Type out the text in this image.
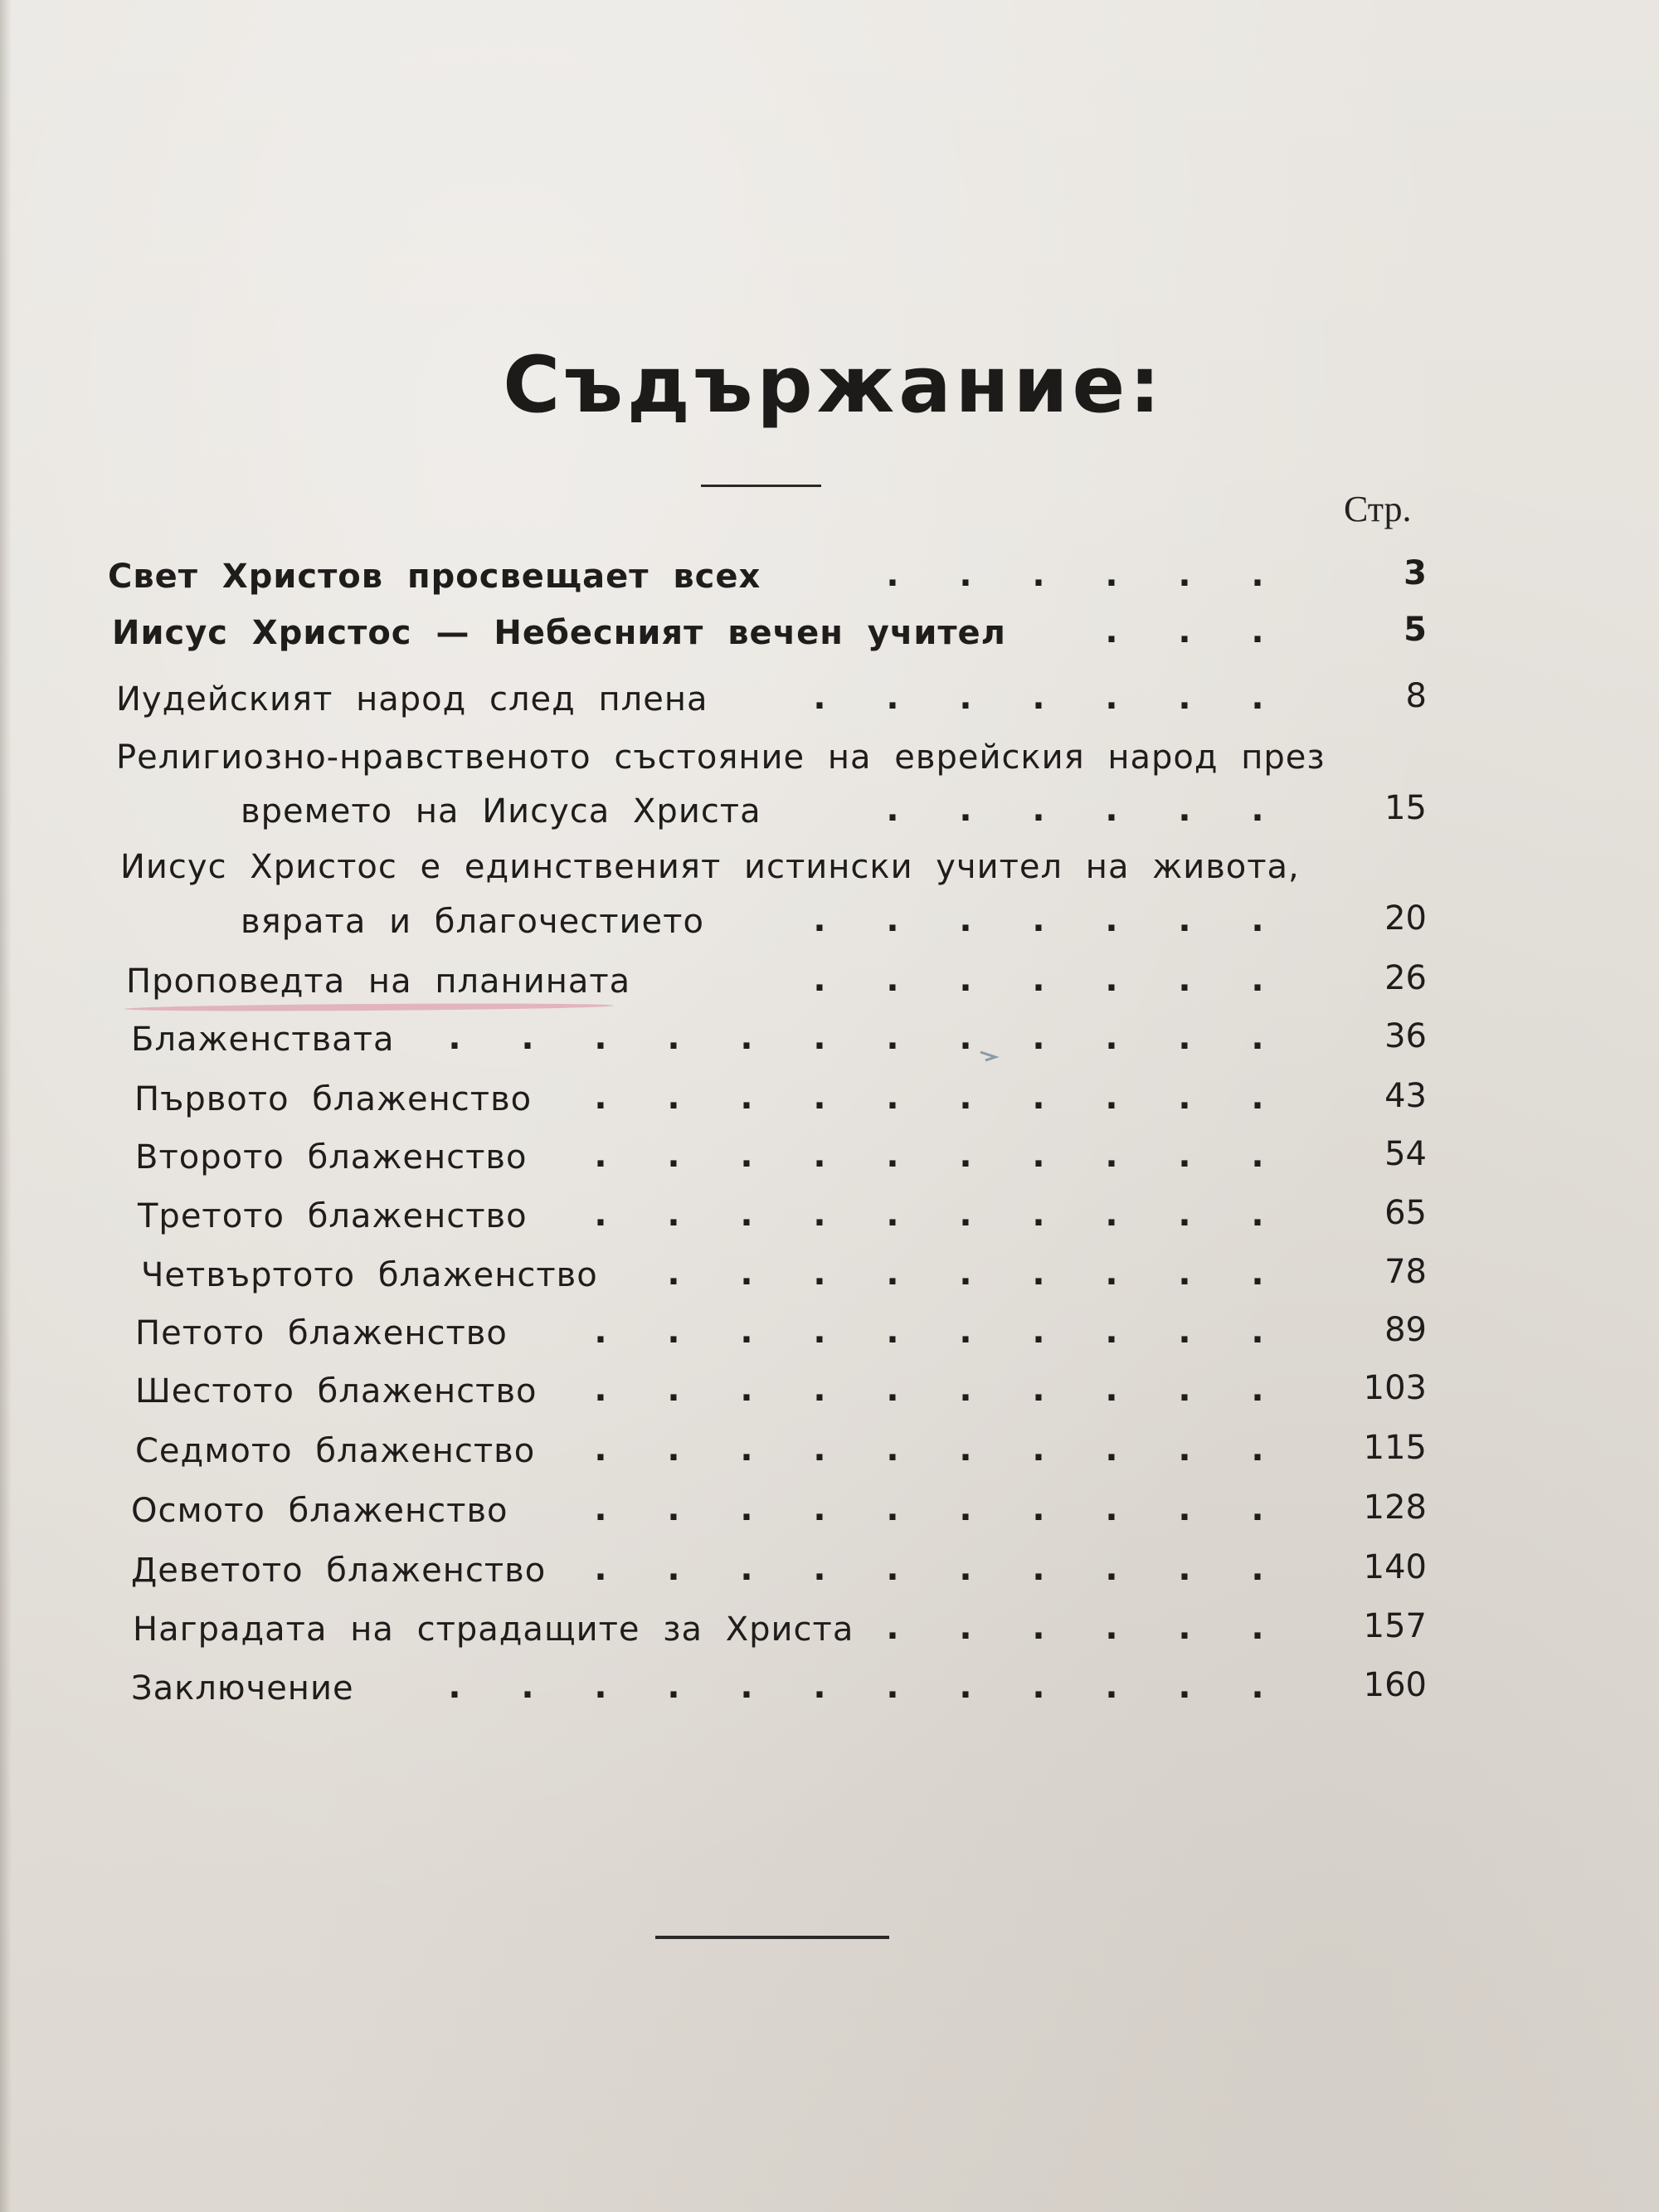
Съдържание:
Стр.
Свет Христов просвещает всех	. . . . . .	3
Иисус Христос — Небесният вечен учител	. . .	5
Иудейският народ след плена	. . . . . . .	8
Религиозно-нравственото състояние на еврейския народ през
времето на Иисуса Христа	. . . . . .	15
Иисус Христос е единственият истински учител на живота,
вярата и благочестието	. . . . . . .	20
Проповедта на планината	. . . . . . .	26
Блаженствата	. . . . . . . . . . . .	36
Първото блаженство	. . . . . . . . . .	43
Второто блаженство	. . . . . . . . . .	54
Третото блаженство	. . . . . . . . . .	65
Четвъртото блаженство	. . . . . . . . .	78
Петото блаженство	. . . . . . . . . .	89
Шестото блаженство	. . . . . . . . . .	103
Седмото блаженство	. . . . . . . . . .	115
Осмото блаженство	. . . . . . . . . .	128
Деветото блаженство	. . . . . . . . . .	140
Наградата на страдащите за Христа . . . . . .	157
Заключение	. . . . . . . . . . . .	160
